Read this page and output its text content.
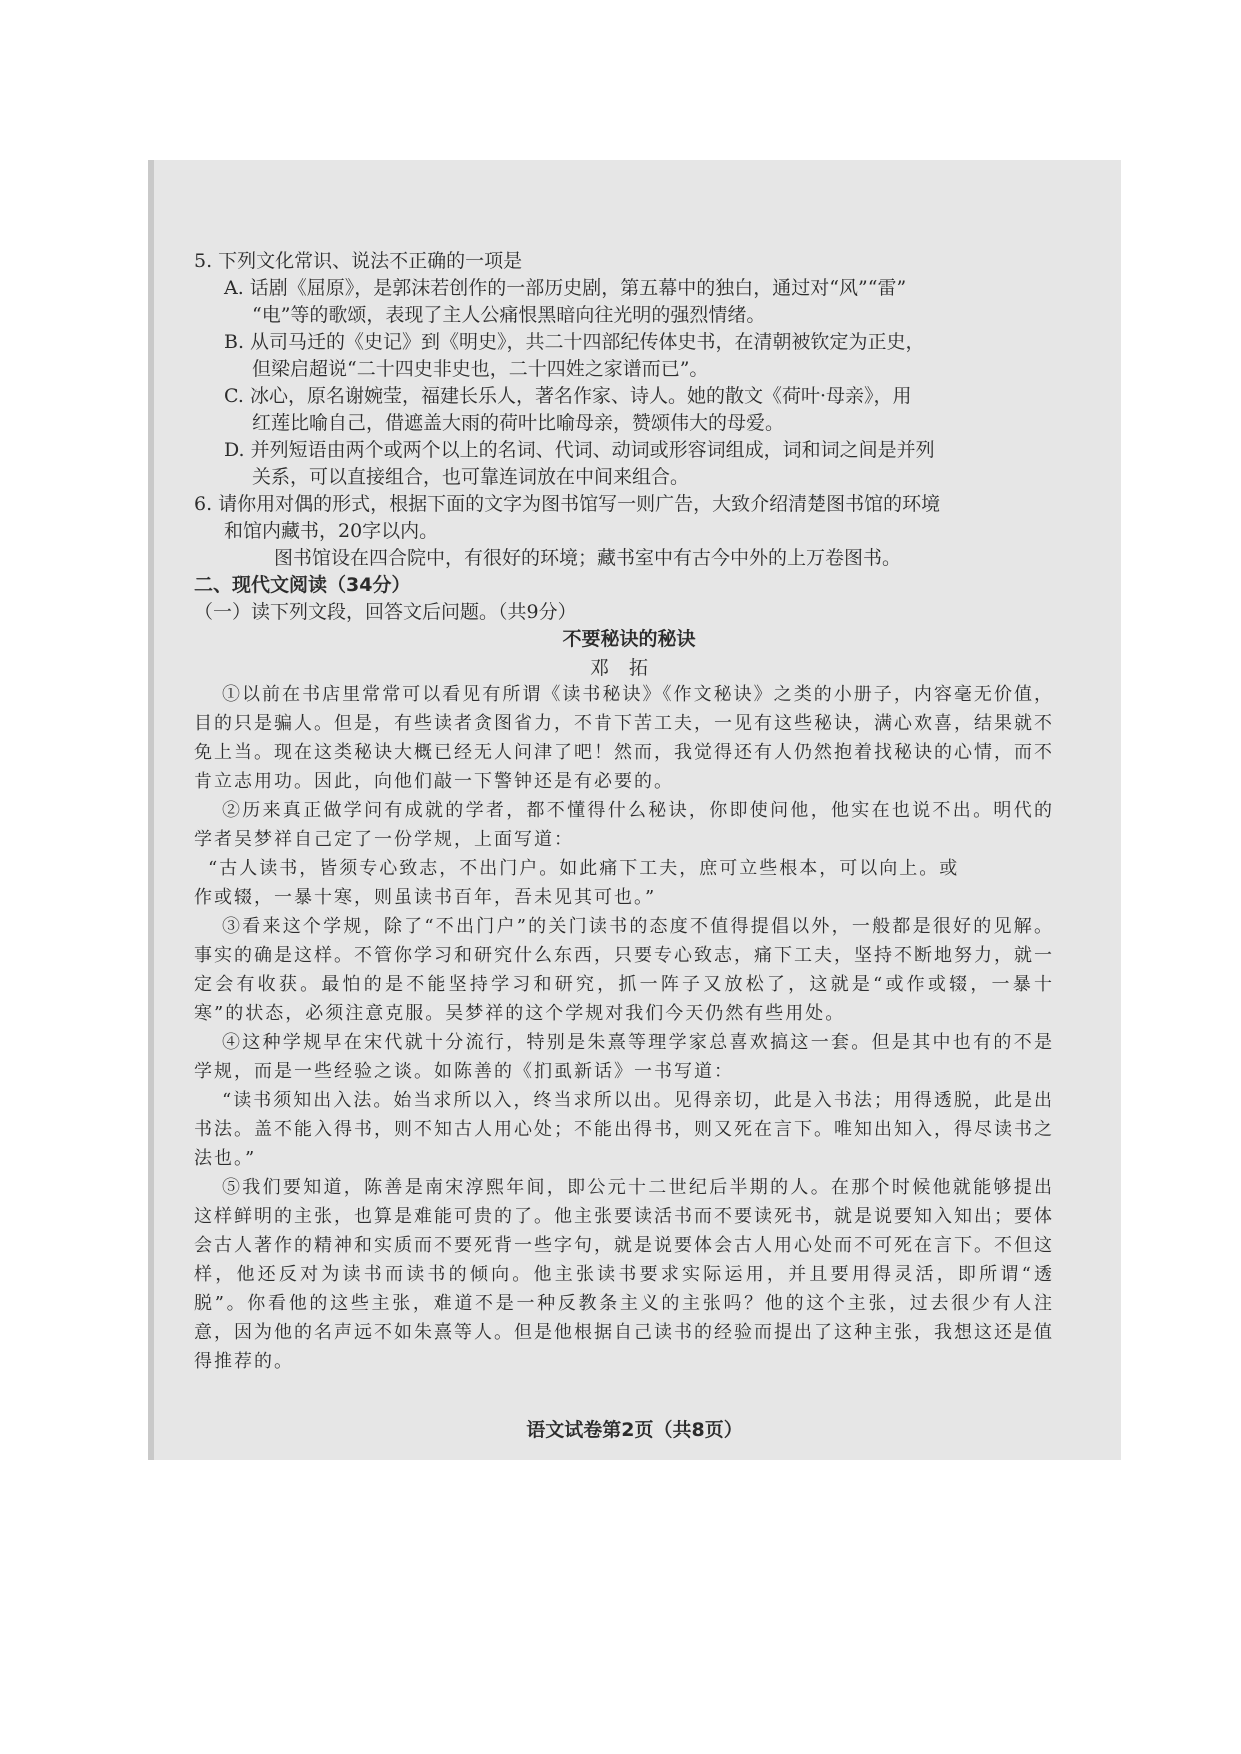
5. 下列文化常识、说法不正确的一项是
A. 话剧《屈原》，是郭沫若创作的一部历史剧，第五幕中的独白，通过对“风”“雷”
“电”等的歌颂，表现了主人公痛恨黑暗向往光明的强烈情绪。
B. 从司马迁的《史记》到《明史》，共二十四部纪传体史书，在清朝被钦定为正史，
但梁启超说“二十四史非史也，二十四姓之家谱而已”。
C. 冰心，原名谢婉莹，福建长乐人，著名作家、诗人。她的散文《荷叶·母亲》，用
红莲比喻自己，借遮盖大雨的荷叶比喻母亲，赞颂伟大的母爱。
D. 并列短语由两个或两个以上的名词、代词、动词或形容词组成，词和词之间是并列
关系，可以直接组合，也可靠连词放在中间来组合。
6. 请你用对偶的形式，根据下面的文字为图书馆写一则广告，大致介绍清楚图书馆的环境
和馆内藏书，20字以内。
图书馆设在四合院中，有很好的环境；藏书室中有古今中外的上万卷图书。
二、现代文阅读（34分）
（一）读下列文段，回答文后问题。（共9分）
不要秘诀的秘诀
邓拓
①以前在书店里常常可以看见有所谓《读书秘诀》《作文秘诀》之类的小册子，内容毫无价值，目的只是骗人。但是，有些读者贪图省力，不肯下苦工夫，一见有这些秘诀，满心欢喜，结果就不免上当。现在这类秘诀大概已经无人问津了吧！然而，我觉得还有人仍然抱着找秘诀的心情，而不肯立志用功。因此，向他们敲一下警钟还是有必要的。
②历来真正做学问有成就的学者，都不懂得什么秘诀，你即使问他，他实在也说不出。明代的学者吴梦祥自己定了一份学规，上面写道：
“古人读书，皆须专心致志，不出门户。如此痛下工夫，庶可立些根本，可以向上。或
作或辍，一暴十寒，则虽读书百年，吾未见其可也。”
③看来这个学规，除了“不出门户”的关门读书的态度不值得提倡以外，一般都是很好的见解。事实的确是这样。不管你学习和研究什么东西，只要专心致志，痛下工夫，坚持不断地努力，就一定会有收获。最怕的是不能坚持学习和研究，抓一阵子又放松了，这就是“或作或辍，一暴十寒”的状态，必须注意克服。吴梦祥的这个学规对我们今天仍然有些用处。
④这种学规早在宋代就十分流行，特别是朱熹等理学家总喜欢搞这一套。但是其中也有的不是学规，而是一些经验之谈。如陈善的《扪虱新话》一书写道：
“读书须知出入法。始当求所以入，终当求所以出。见得亲切，此是入书法；用得透脱，此是出书法。盖不能入得书，则不知古人用心处；不能出得书，则又死在言下。唯知出知入，得尽读书之法也。”
⑤我们要知道，陈善是南宋淳熙年间，即公元十二世纪后半期的人。在那个时候他就能够提出这样鲜明的主张，也算是难能可贵的了。他主张要读活书而不要读死书，就是说要知入知出；要体会古人著作的精神和实质而不要死背一些字句，就是说要体会古人用心处而不可死在言下。不但这样，他还反对为读书而读书的倾向。他主张读书要求实际运用，并且要用得灵活，即所谓“透脱”。你看他的这些主张，难道不是一种反教条主义的主张吗？他的这个主张，过去很少有人注意，因为他的名声远不如朱熹等人。但是他根据自己读书的经验而提出了这种主张，我想这还是值得推荐的。
语文试卷第2页（共8页）
